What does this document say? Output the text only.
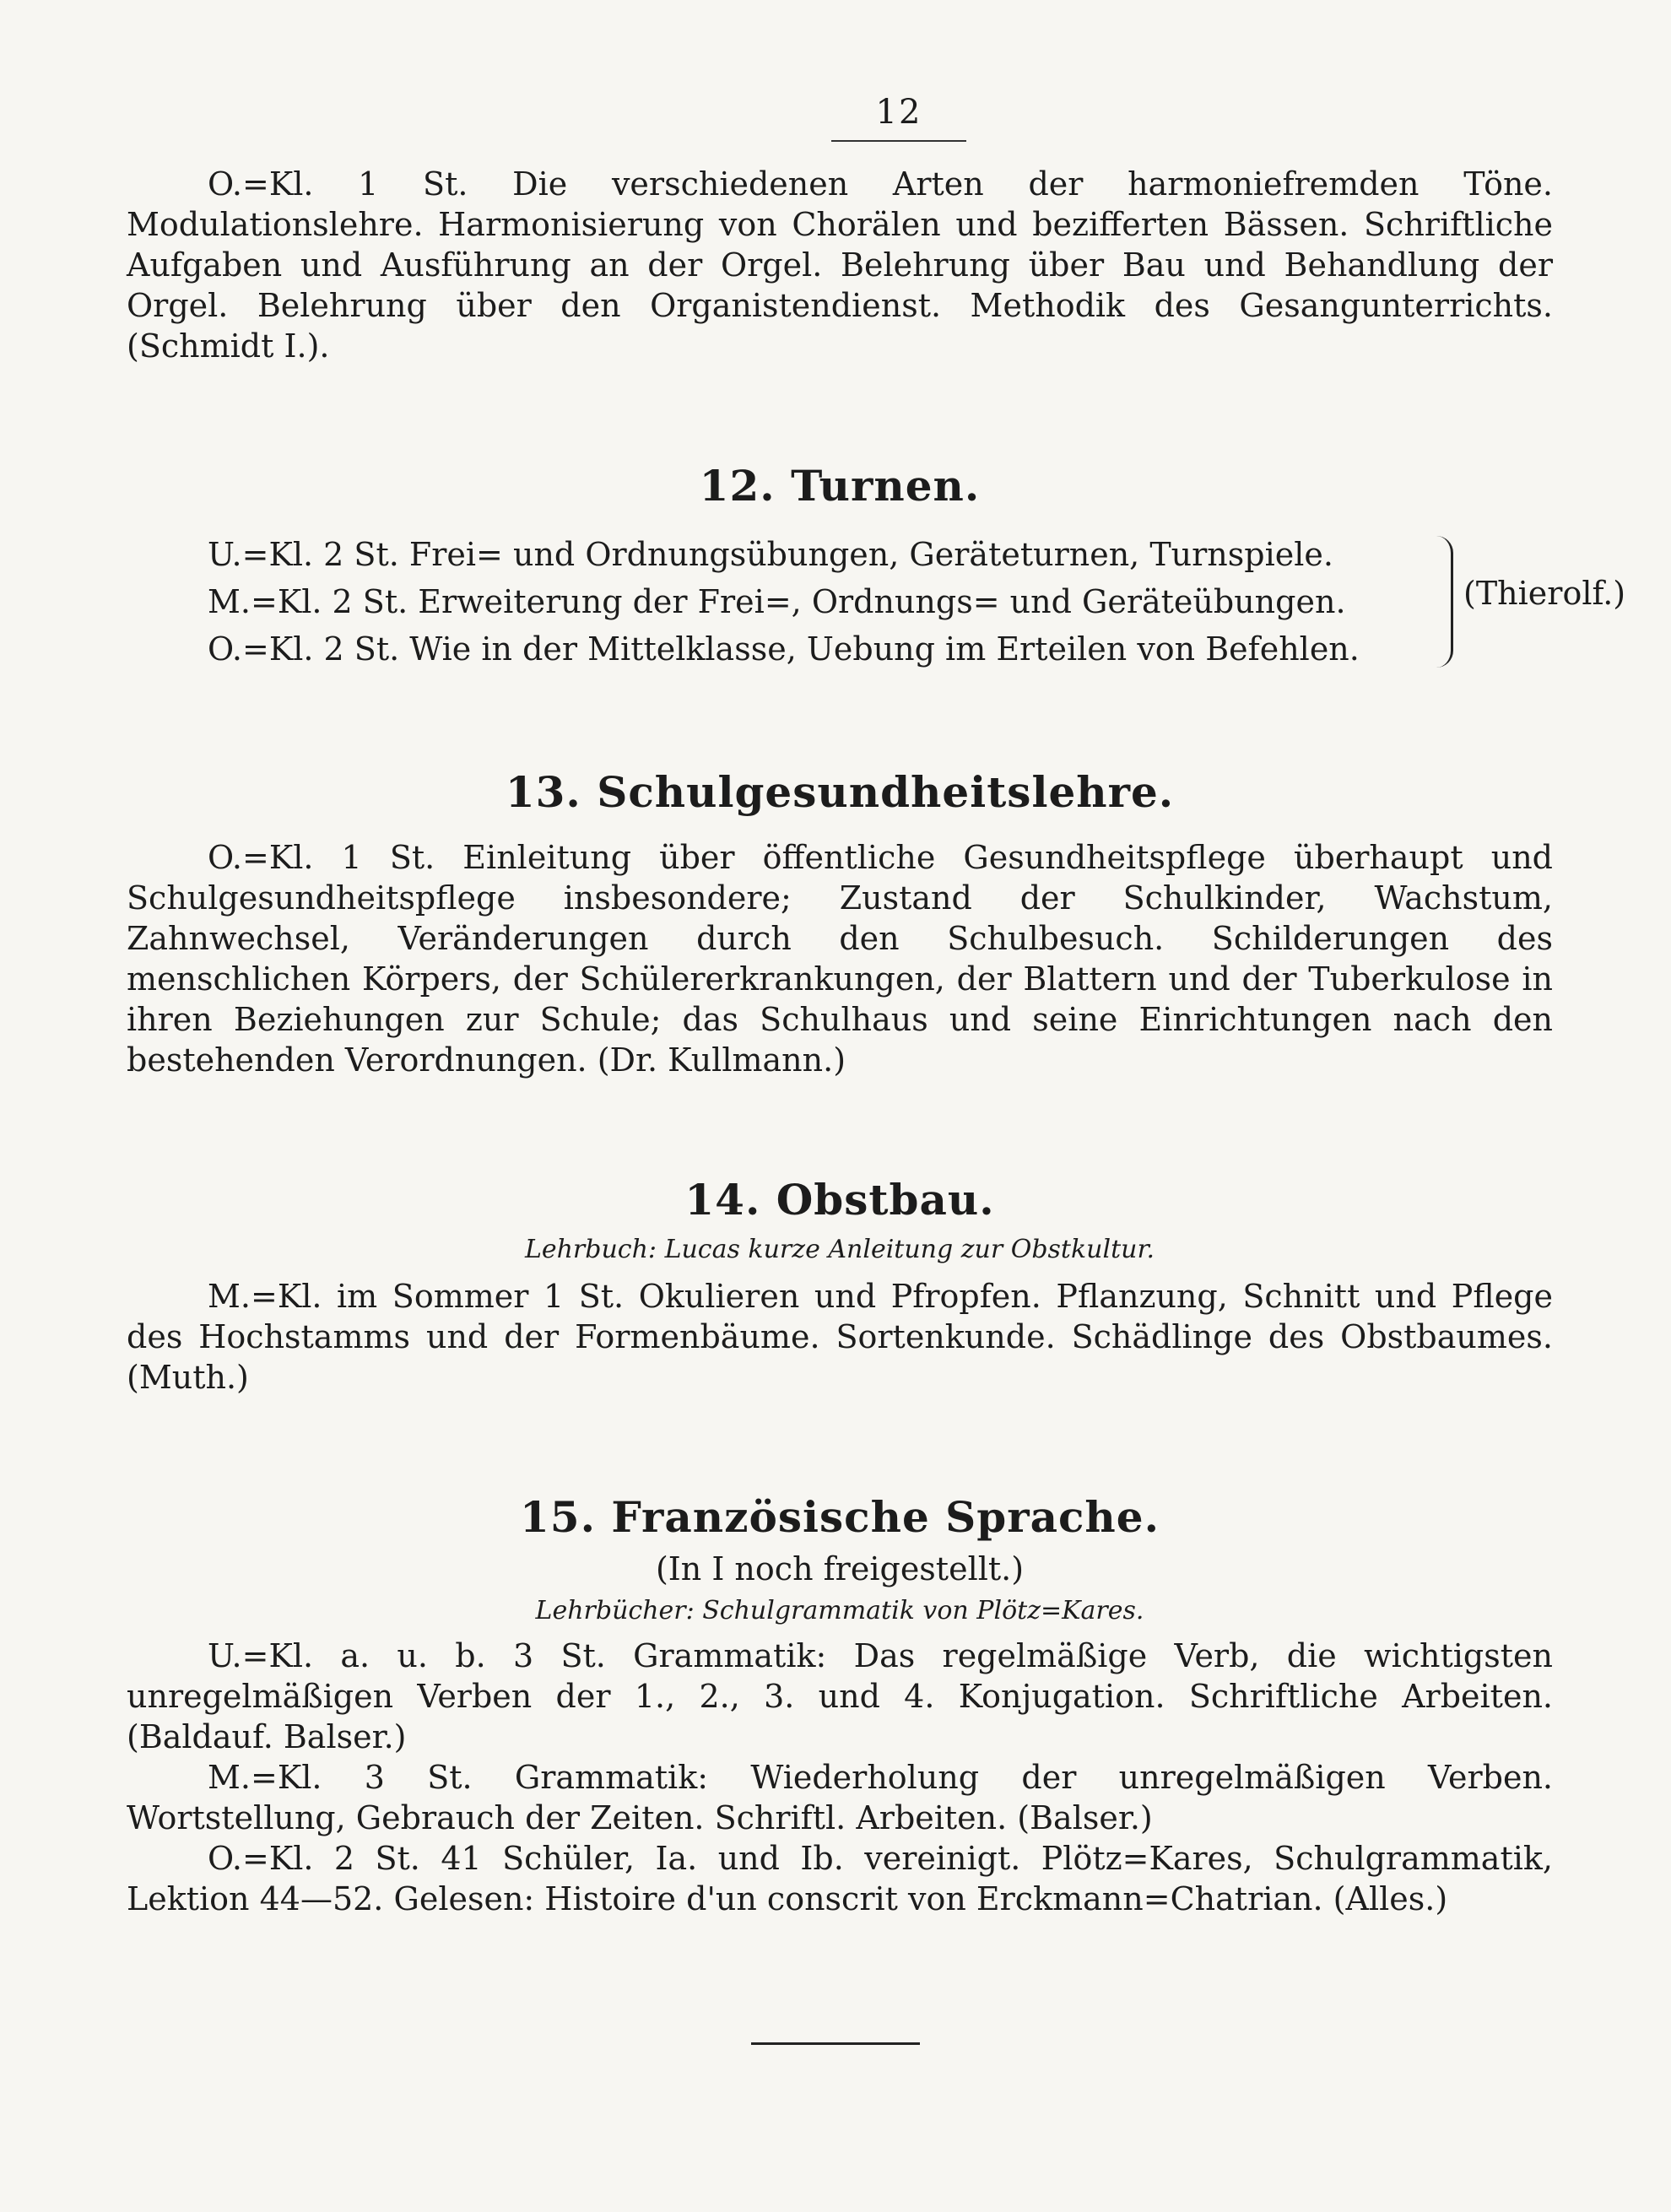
12

O.=Kl. 1 St. Die verschiedenen Arten der harmoniefremden Töne. Modulationslehre. Harmonisierung von Chorälen und bezifferten Bässen. Schriftliche Aufgaben und Ausführung an der Orgel. Belehrung über Bau und Behandlung der Orgel. Belehrung über den Organistendienst. Methodik des Gesangunterrichts. (Schmidt I.).

12. Turnen.
U.=Kl. 2 St. Frei= und Ordnungsübungen, Geräteturnen, Turnspiele.
M.=Kl. 2 St. Erweiterung der Frei=, Ordnungs= und Geräteübungen.
O.=Kl. 2 St. Wie in der Mittelklasse, Uebung im Erteilen von Befehlen.
(Thierolf.)
13. Schulgesundheitslehre.

O.=Kl. 1 St. Einleitung über öffentliche Gesundheitspflege überhaupt und Schulgesundheitspflege insbesondere; Zustand der Schulkinder, Wachstum, Zahnwechsel, Veränderungen durch den Schulbesuch. Schilderungen des menschlichen Körpers, der Schülererkrankungen, der Blattern und der Tuberkulose in ihren Beziehungen zur Schule; das Schulhaus und seine Einrichtungen nach den bestehenden Verordnungen. (Dr. Kullmann.)

14. Obstbau.

Lehrbuch: Lucas kurze Anleitung zur Obstkultur.

M.=Kl. im Sommer 1 St. Okulieren und Pfropfen. Pflanzung, Schnitt und Pflege des Hochstamms und der Formenbäume. Sortenkunde. Schädlinge des Obstbaumes. (Muth.)

15. Französische Sprache.

(In I noch freigestellt.)

Lehrbücher: Schulgrammatik von Plötz=Kares.

U.=Kl. a. u. b. 3 St. Grammatik: Das regelmäßige Verb, die wichtigsten unregelmäßigen Verben der 1., 2., 3. und 4. Konjugation. Schriftliche Arbeiten. (Baldauf. Balser.)

M.=Kl. 3 St. Grammatik: Wiederholung der unregelmäßigen Verben. Wortstellung, Gebrauch der Zeiten. Schriftl. Arbeiten. (Balser.)

O.=Kl. 2 St. 41 Schüler, Ia. und Ib. vereinigt. Plötz=Kares, Schulgrammatik, Lektion 44—52. Gelesen: Histoire d'un conscrit von Erckmann=Chatrian. (Alles.)
